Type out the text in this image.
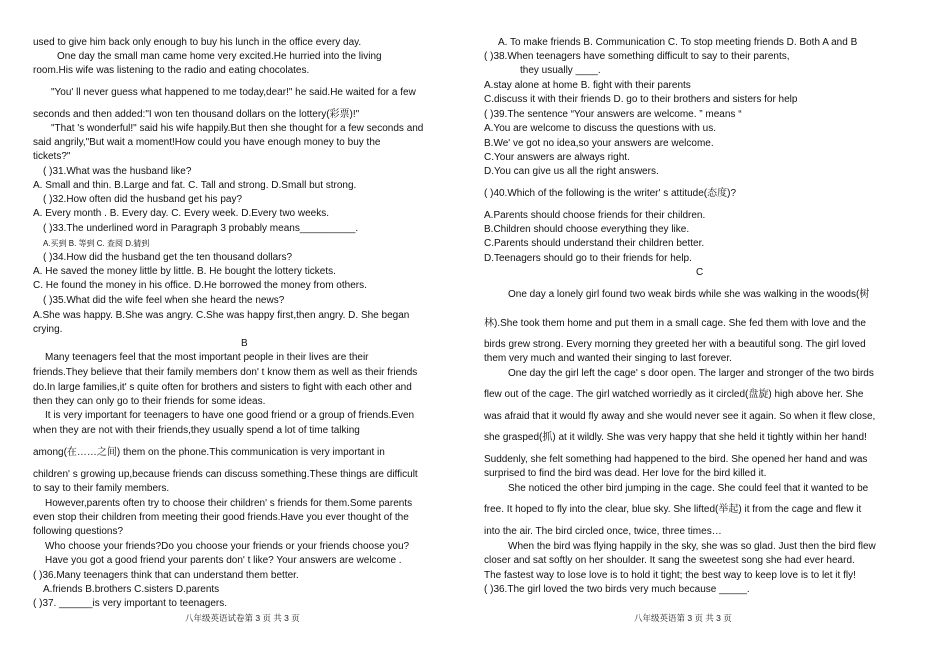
used to give him back only enough to buy his lunch in the office every day.
One day the small man came home very excited.He hurried into the living
room.His wife was listening to the radio and eating chocolates.
"You' ll never guess what happened to me today,dear!" he said.He waited for a few
seconds and then added:"I won ten thousand dollars on the lottery(彩票)!"
"That 's wonderful!" said his wife happily.But then she thought for a few seconds and
said angrily,"But wait a moment!How could you have enough money to buy the
tickets?"
( )31.What was the husband like?
A. Small and thin. B.Large and fat. C. Tall and strong. D.Small but strong.
( )32.How often did the husband get his pay?
A. Every month . B. Every day. C. Every week. D.Every two weeks.
( )33.The underlined word in Paragraph 3 probably means__________.
A.买到 B. 等到 C. 查阅 D.猜到
( )34.How did the husband get the ten thousand dollars?
A. He saved the money little by little. B. He bought the lottery tickets.
C. He found the money in his office. D.He borrowed the money from others.
( )35.What did the wife feel when she heard the news?
A.She was happy. B.She was angry. C.She was happy first,then angry. D. She began
crying.
B
Many teenagers feel that the most important people in their lives are their
friends.They believe that their family members don' t know them as well as their friends
do.In large families,it' s quite often for brothers and sisters to fight with each other and
then they can only go to their friends for some ideas.
It is very important for teenagers to have one good friend or a group of friends.Even
when they are not with their friends,they usually spend a lot of time talking
among(在……之间) them on the phone.This communication is very important in
children' s growing up,because friends can discuss something.These things are difficult
to say to their family members.
However,parents often try to choose their children' s friends for them.Some parents
even stop their children from meeting their good friends.Have you ever thought of the
following questions?
Who choose your friends?Do you choose your friends or your friends choose you?
Have you got a good friend your parents don' t like? Your answers are welcome .
( )36.Many teenagers think that can understand them better.
A.friends B.brothers C.sisters D.parents
( )37. ______is very important to teenagers.
八年级英语试卷第 3 页 共 3 页
A. To make friends B. Communication C. To stop meeting friends D. Both A and B
( )38.When teenagers have something difficult to say to their parents,
they usually ____.
A.stay alone at home B. fight with their parents
C.discuss it with their friends D. go to their brothers and sisters for help
( )39.The sentence “Your answers are welcome. ” means “
A.You are welcome to discuss the questions with us.
B.We' ve got no idea,so your answers are welcome.
C.Your answers are always right.
D.You can give us all the right answers.
( )40.Which of the following is the writer' s attitude(态度)?
A.Parents should choose friends for their children.
B.Children should choose everything they like.
C.Parents should understand their children better.
D.Teenagers should go to their friends for help.
C
One day a lonely girl found two weak birds while she was walking in the woods(树
林).She took them home and put them in a small cage. She fed them with love and the
birds grew strong. Every morning they greeted her with a beautiful song. The girl loved
them very much and wanted their singing to last forever.
One day the girl left the cage' s door open. The larger and stronger of the two birds
flew out of the cage. The girl watched worriedly as it circled(盘旋) high above her. She
was afraid that it would fly away and she would never see it again. So when it flew close,
she grasped(抓) at it wildly. She was very happy that she held it tightly within her hand!
Suddenly, she felt something had happened to the bird. She opened her hand and was
surprised to find the bird was dead. Her love for the bird killed it.
She noticed the other bird jumping in the cage. She could feel that it wanted to be
free. It hoped to fly into the clear, blue sky. She lifted(举起) it from the cage and flew it
into the air. The bird circled once, twice, three times…
When the bird was flying happily in the sky, she was so glad. Just then the bird flew
closer and sat softly on her shoulder. It sang the sweetest song she had ever heard.
The fastest way to lose love is to hold it tight; the best way to keep love is to let it fly!
( )36.The girl loved the two birds very much because _____.
八年级英语第 3 页 共 3 页
